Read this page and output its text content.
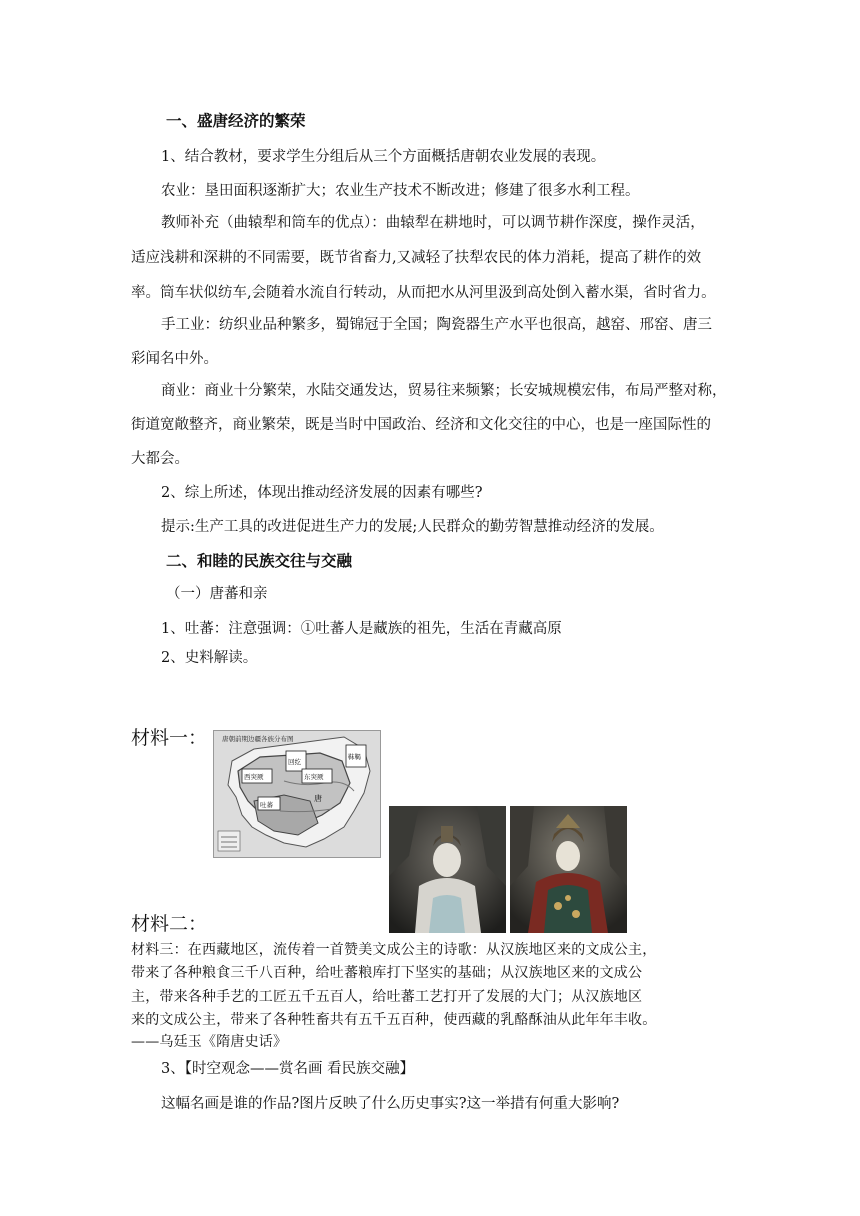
一、盛唐经济的繁荣
1、结合教材，要求学生分组后从三个方面概括唐朝农业发展的表现。
农业：垦田面积逐渐扩大；农业生产技术不断改进；修建了很多水利工程。
教师补充（曲辕犁和筒车的优点）：曲辕犁在耕地时，可以调节耕作深度，操作灵活，
适应浅耕和深耕的不同需要，既节省畜力,又减轻了扶犁农民的体力消耗，提高了耕作的效
率。筒车状似纺车,会随着水流自行转动，从而把水从河里汲到高处倒入蓄水渠，省时省力。
手工业：纺织业品种繁多，蜀锦冠于全国；陶瓷器生产水平也很高，越窑、邢窑、唐三
彩闻名中外。
商业：商业十分繁荣，水陆交通发达，贸易往来频繁；长安城规模宏伟，布局严整对称，
街道宽敞整齐，商业繁荣，既是当时中国政治、经济和文化交往的中心，也是一座国际性的
大都会。
2、综上所述，体现出推动经济发展的因素有哪些?
提示:生产工具的改进促进生产力的发展;人民群众的勤劳智慧推动经济的发展。
二、和睦的民族交往与交融
（一）唐蕃和亲
1、吐蕃：注意强调：①吐蕃人是藏族的祖先，生活在青藏高原
2、史料解读。
材料一： 唐朝前期边疆各族分布图
回纥
靺鞨
西突厥	东突厥
吐蕃
唐
材料二：
材料三：在西藏地区，流传着一首赞美文成公主的诗歌：从汉族地区来的文成公主，
带来了各种粮食三千八百种，给吐蕃粮库打下坚实的基础；从汉族地区来的文成公
主，带来各种手艺的工匠五千五百人，给吐蕃工艺打开了发展的大门；从汉族地区
来的文成公主，带来了各种牲畜共有五千五百种，使西藏的乳酪酥油从此年年丰收。
——乌廷玉《隋唐史话》
3、【时空观念——赏名画 看民族交融】
这幅名画是谁的作品?图片反映了什么历史事实?这一举措有何重大影响?
